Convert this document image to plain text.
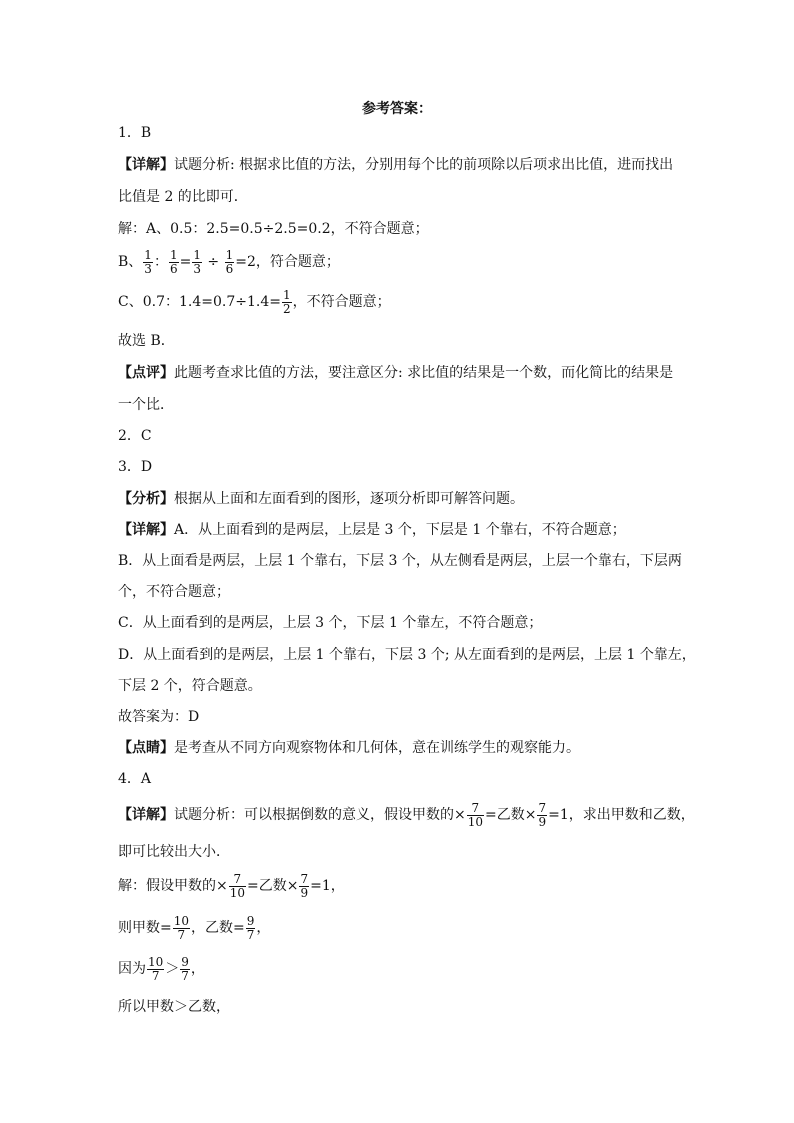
参考答案：
1．B
【详解】试题分析: 根据求比值的方法，分别用每个比的前项除以后项求出比值，进而找出
比值是 2 的比即可．
解：A、0.5：2.5=0.5÷2.5=0.2，不符合题意；
B、 $\frac{1}{3}$ ： $\frac{1}{6} = \frac{1}{3} \div \frac{1}{6} =2$，符合题意；
C、0.7：$1.4=0.7\div 1.4= \frac{1}{2}$ ，不符合题意；
故选 B．
【点评】此题考查求比值的方法，要注意区分: 求比值的结果是一个数，而化简比的结果是
一个比．
2．C
3．D
【分析】根据从上面和左面看到的图形，逐项分析即可解答问题。
【详解】A．从上面看到的是两层，上层是 3 个，下层是 1 个靠右，不符合题意；
B．从上面看是两层，上层 1 个靠右，下层 3 个，从左侧看是两层，上层一个靠右，下层两
个，不符合题意；
C．从上面看到的是两层，上层 3 个，下层 1 个靠左，不符合题意；
D．从上面看到的是两层，上层 1 个靠右，下层 3 个; 从左面看到的是两层，上层 1 个靠左，
下层 2 个，符合题意。
故答案为：D
【点睛】是考查从不同方向观察物体和几何体，意在训练学生的观察能力。
4．A
【详解】试题分析：可以根据倒数的意义，假设甲数的× $\frac{7}{10}$ =乙数× $\frac{7}{9} =1$，求出甲数和乙数，
即可比较出大小．
解：假设甲数的× $\frac{7}{10}$ =乙数× $\frac{7}{9} =1$，
则甲数= $\frac{10}{7}$ ，乙数= $\frac{9}{7}$ ，
因为 $\frac{10}{7} > \frac{9}{7}$ ，
所以甲数＞乙数，
